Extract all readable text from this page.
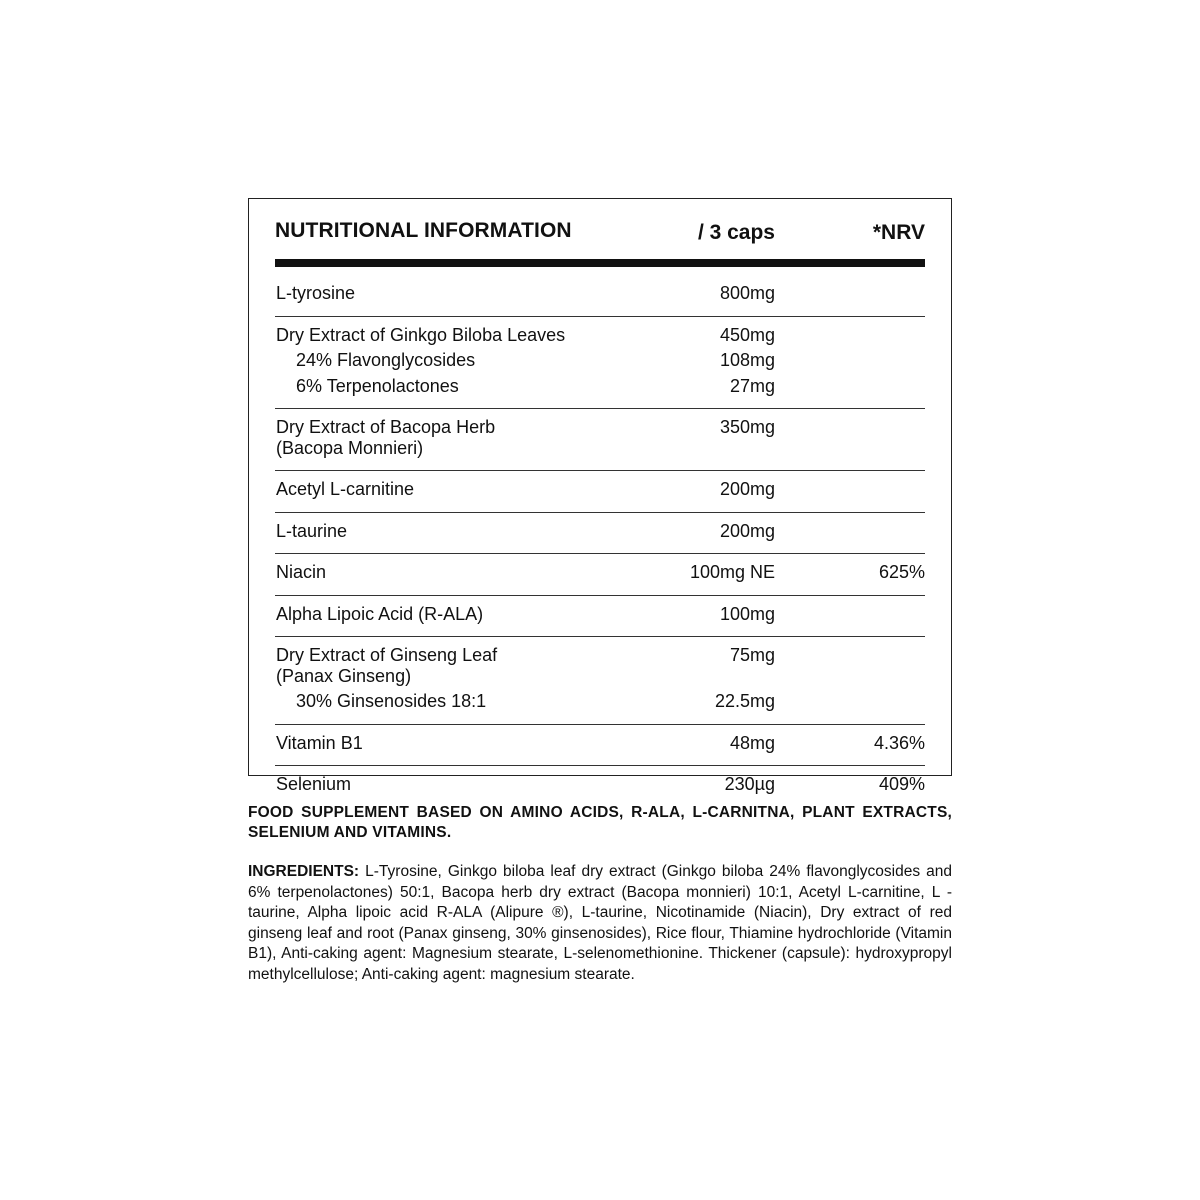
NUTRITIONAL INFORMATION	/ 3 caps	*NRV
L-tyrosine	800mg
Dry Extract of Ginkgo Biloba Leaves	450mg
24% Flavonglycosides	108mg
6% Terpenolactones	27mg
Dry Extract of Bacopa Herb	350mg
(Bacopa Monnieri)
Acetyl L-carnitine	200mg
L-taurine	200mg
Niacin	100mg NE	625%
Alpha Lipoic Acid (R-ALA)	100mg
Dry Extract of Ginseng Leaf	75mg
(Panax Ginseng)
30% Ginsenosides 18:1	22.5mg
Vitamin B1	48mg	4.36%
Selenium	230µg	409%
FOOD SUPPLEMENT BASED ON AMINO ACIDS, R-ALA, L-CARNITNA, PLANT EXTRACTS, SELENIUM AND VITAMINS.
INGREDIENTS: L-Tyrosine, Ginkgo biloba leaf dry extract (Ginkgo biloba 24% flavonglycosides and 6% terpenolactones) 50:1, Bacopa herb dry extract (Bacopa monnieri) 10:1, Acetyl L-carnitine, L -taurine, Alpha lipoic acid R-ALA (Alipure ®), L-taurine, Nicotinamide (Niacin), Dry extract of red ginseng leaf and root (Panax ginseng, 30% ginsenosides), Rice flour, Thiamine hydrochloride (Vitamin B1), Anti-caking agent: Magnesium stearate, L-selenomethionine. Thickener (capsule): hydroxypropyl methylcellulose; Anti-caking agent: magnesium stearate.
